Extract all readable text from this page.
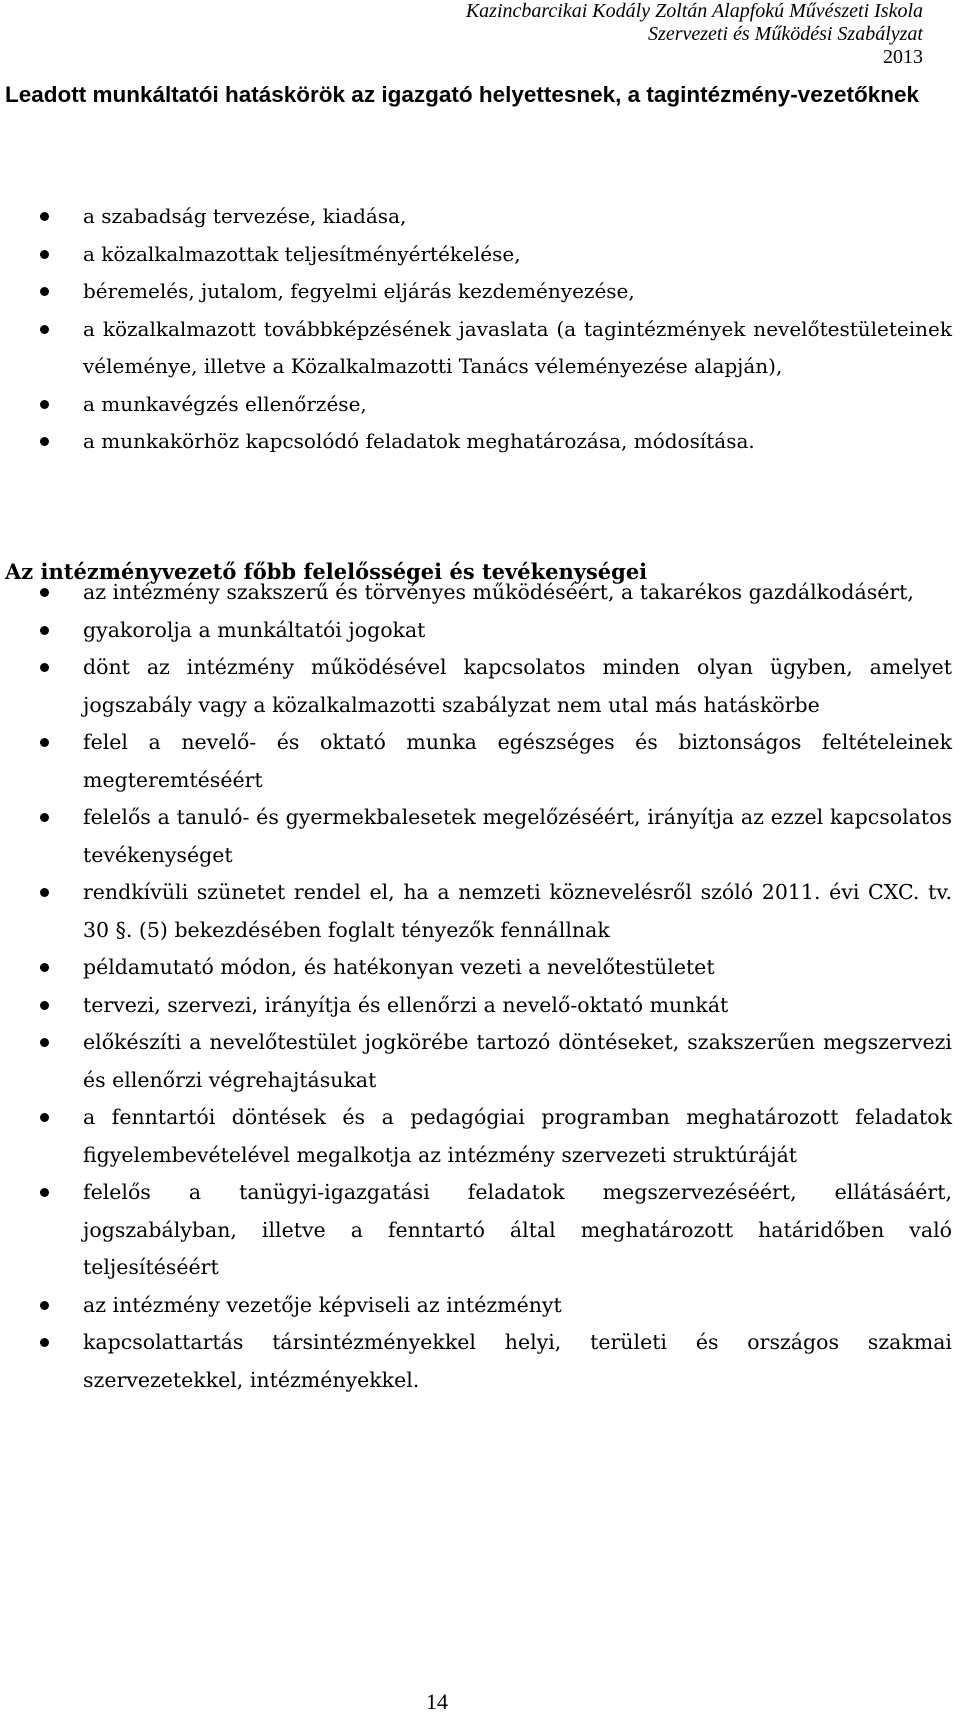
Kazincbarcikai Kodály Zoltán Alapfokú Művészeti Iskola
Szervezeti és Működési Szabályzat
2013
Leadott munkáltatói hatáskörök az igazgató helyettesnek, a tagintézmény-vezetőknek
a szabadság tervezése, kiadása,
a közalkalmazottak teljesítményértékelése,
béremelés, jutalom, fegyelmi eljárás kezdeményezése,
a közalkalmazott továbbképzésének javaslata (a tagintézmények nevelőtestületeinek véleménye, illetve a Közalkalmazotti Tanács véleményezése alapján),
a munkavégzés ellenőrzése,
a munkakörhöz kapcsolódó feladatok meghatározása, módosítása.
Az intézményvezető főbb felelősségei és tevékenységei
az intézmény szakszerű és törvényes működéséért, a takarékos gazdálkodásért,
gyakorolja a munkáltatói jogokat
dönt az intézmény működésével kapcsolatos minden olyan ügyben, amelyet jogszabály vagy a közalkalmazotti szabályzat nem utal más hatáskörbe
felel a nevelő- és oktató munka egészséges és biztonságos feltételeinek megteremtéséért
felelős a tanuló- és gyermekbalesetek megelőzéséért, irányítja az ezzel kapcsolatos tevékenységet
rendkívüli szünetet rendel el, ha a nemzeti köznevelésről szóló 2011. évi CXC. tv. 30 §. (5) bekezdésében foglalt tényezők fennállnak
példamutató módon, és hatékonyan vezeti a nevelőtestületet
tervezi, szervezi, irányítja és ellenőrzi a nevelő-oktató munkát
előkészíti a nevelőtestület jogkörébe tartozó döntéseket, szakszerűen megszervezi és ellenőrzi végrehajtásukat
a fenntartói döntések és a pedagógiai programban meghatározott feladatok figyelembevételével megalkotja az intézmény szervezeti struktúráját
felelős a tanügyi-igazgatási feladatok megszervezéséért, ellátásáért, jogszabályban, illetve a fenntartó által meghatározott határidőben való teljesítéséért
az intézmény vezetője képviseli az intézményt
kapcsolattartás társintézményekkel helyi, területi és országos szakmai szervezetekkel, intézményekkel.
14
